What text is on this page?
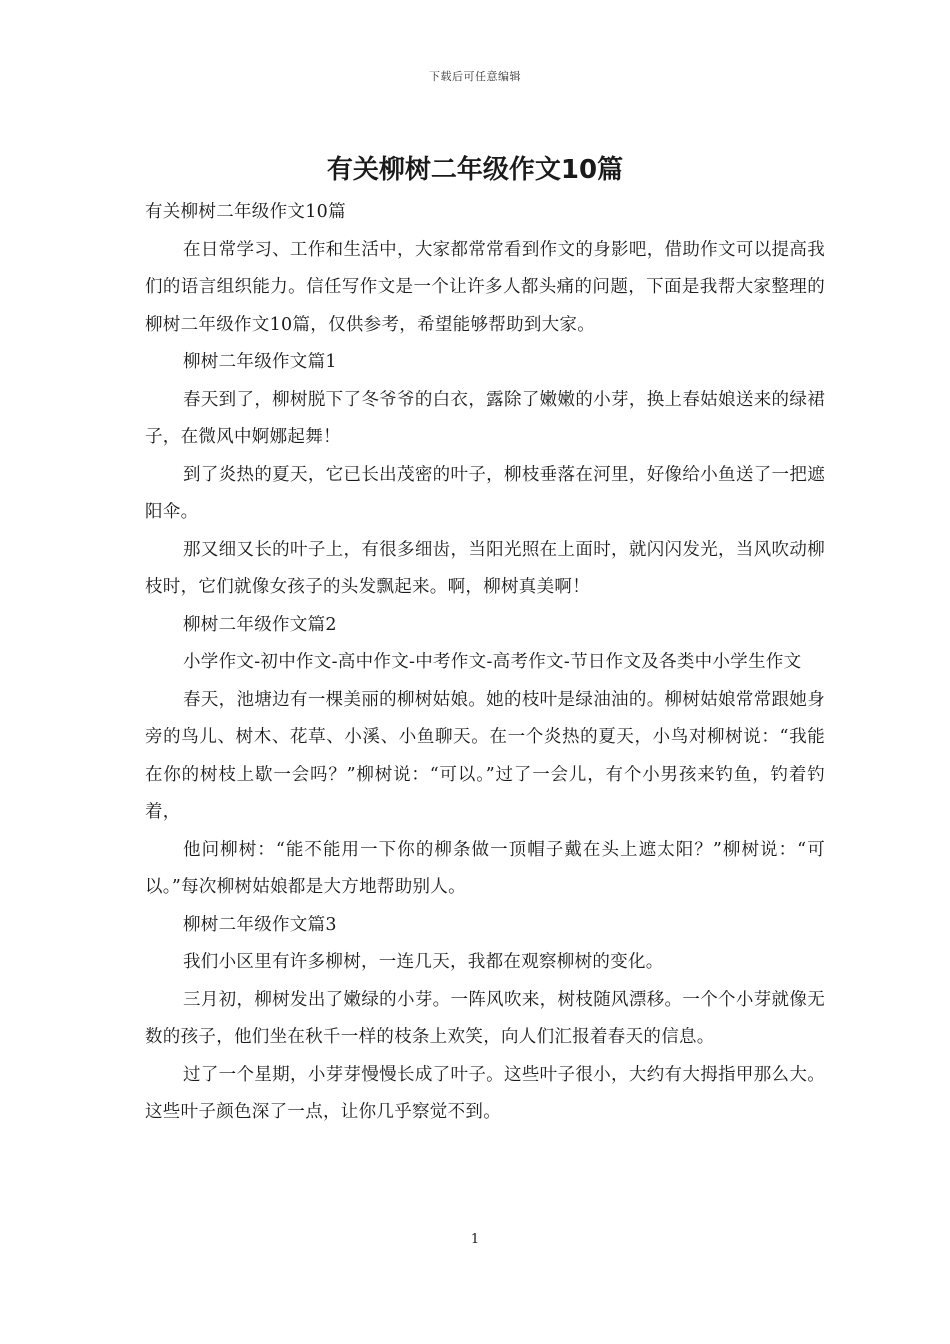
下载后可任意编辑
有关柳树二年级作文10篇

有关柳树二年级作文10篇

在日常学习、工作和生活中，大家都常常看到作文的身影吧，借助作文可以提高我们的语言组织能力。信任写作文是一个让许多人都头痛的问题，下面是我帮大家整理的柳树二年级作文10篇，仅供参考，希望能够帮助到大家。

柳树二年级作文篇1

春天到了，柳树脱下了冬爷爷的白衣，露除了嫩嫩的小芽，换上春姑娘送来的绿裙子，在微风中婀娜起舞！

到了炎热的夏天，它已长出茂密的叶子，柳枝垂落在河里，好像给小鱼送了一把遮阳伞。

那又细又长的叶子上，有很多细齿，当阳光照在上面时，就闪闪发光，当风吹动柳枝时，它们就像女孩子的头发飘起来。啊，柳树真美啊！

柳树二年级作文篇2

小学作文-初中作文-高中作文-中考作文-高考作文-节日作文及各类中小学生作文

春天，池塘边有一棵美丽的柳树姑娘。她的枝叶是绿油油的。柳树姑娘常常跟她身旁的鸟儿、树木、花草、小溪、小鱼聊天。在一个炎热的夏天，小鸟对柳树说：“我能在你的树枝上歇一会吗？”柳树说：“可以。”过了一会儿，有个小男孩来钓鱼，钓着钓着，

他问柳树：“能不能用一下你的柳条做一顶帽子戴在头上遮太阳？”柳树说：“可以。”每次柳树姑娘都是大方地帮助别人。

柳树二年级作文篇3

我们小区里有许多柳树，一连几天，我都在观察柳树的变化。

三月初，柳树发出了嫩绿的小芽。一阵风吹来，树枝随风漂移。一个个小芽就像无数的孩子，他们坐在秋千一样的枝条上欢笑，向人们汇报着春天的信息。

过了一个星期，小芽芽慢慢长成了叶子。这些叶子很小，大约有大拇指甲那么大。这些叶子颜色深了一点，让你几乎察觉不到。

1
